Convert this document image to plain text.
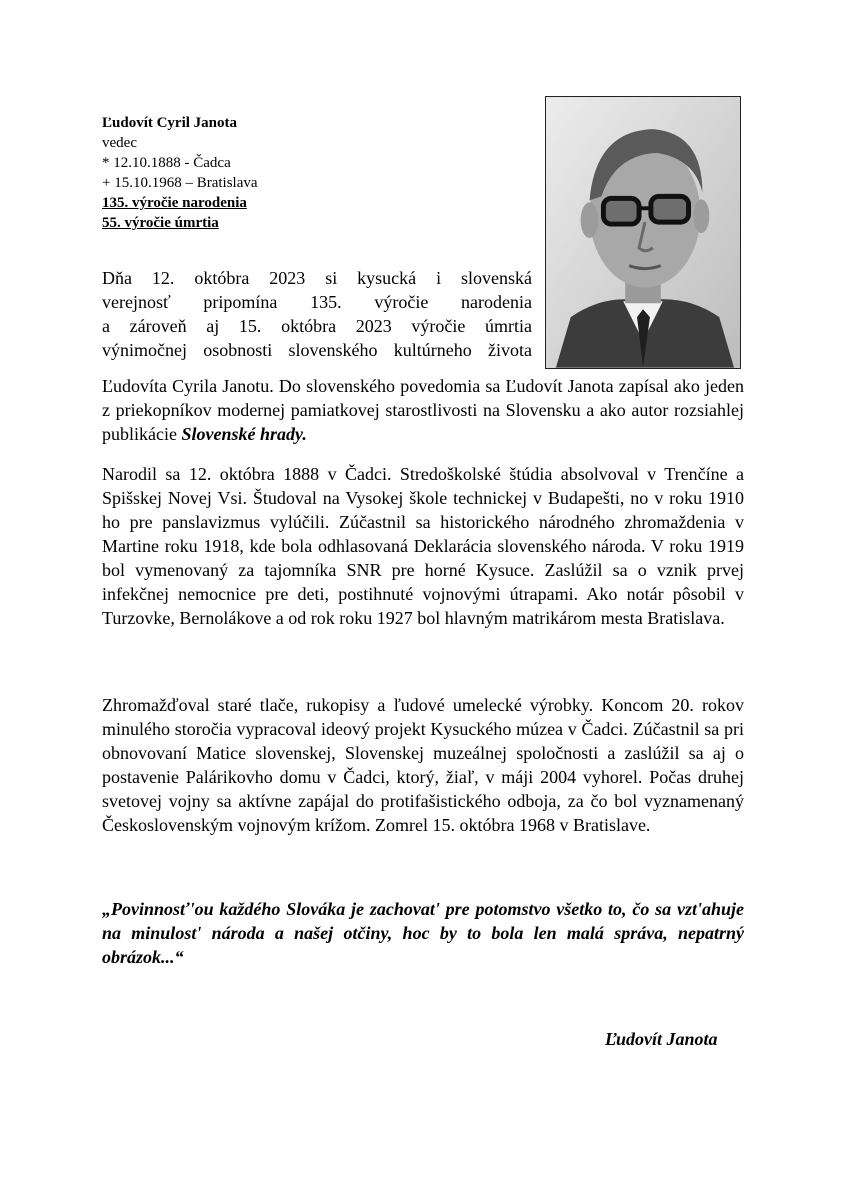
Ľudovít Cyril Janota
vedec
* 12.10.1888 - Čadca
+ 15.10.1968 – Bratislava
135. výročie narodenia
55. výročie úmrtia
Dňa 12. októbra 2023 si kysucká i slovenská
verejnosť pripomína 135. výročie narodenia
a zároveň aj 15. októbra 2023 výročie úmrtia
výnimočnej osobnosti slovenského kultúrneho života

Ľudovíta Cyrila Janotu. Do slovenského povedomia sa Ľudovít Janota zapísal ako jeden z priekopníkov modernej pamiatkovej starostlivosti na Slovensku a ako autor rozsiahlej publikácie Slovenské hrady.

Narodil sa 12. októbra 1888 v Čadci. Stredoškolské štúdia absolvoval v Trenčíne a Spišskej Novej Vsi. Študoval na Vysokej škole technickej v Budapešti, no v roku 1910 ho pre panslavizmus vylúčili. Zúčastnil sa historického národného zhromaždenia v Martine roku 1918, kde bola odhlasovaná Deklarácia slovenského národa. V roku 1919 bol vymenovaný za tajomníka SNR pre horné Kysuce. Zaslúžil sa o vznik prvej infekčnej nemocnice pre deti, postihnuté vojnovými útrapami. Ako notár pôsobil v Turzovke, Bernolákove a od rok roku 1927 bol hlavným matrikárom mesta Bratislava.

Zhromažďoval staré tlače, rukopisy a ľudové umelecké výrobky. Koncom 20. rokov minulého storočia vypracoval ideový projekt Kysuckého múzea v Čadci. Zúčastnil sa pri obnovovaní Matice slovenskej, Slovenskej muzeálnej spoločnosti a zaslúžil sa aj o postavenie Palárikovho domu v Čadci, ktorý, žiaľ, v máji 2004 vyhorel. Počas druhej svetovej vojny sa aktívne zapájal do protifašistického odboja, za čo bol vyznamenaný Československým vojnovým krížom. Zomrel 15. októbra 1968 v Bratislave.

„Povinnosť'ou každého Slováka je zachovat' pre potomstvo všetko to, čo sa vzt'ahuje na minulost' národa a našej otčiny, hoc by to bola len malá správa, nepatrný obrázok...“

Ľudovít Janota
